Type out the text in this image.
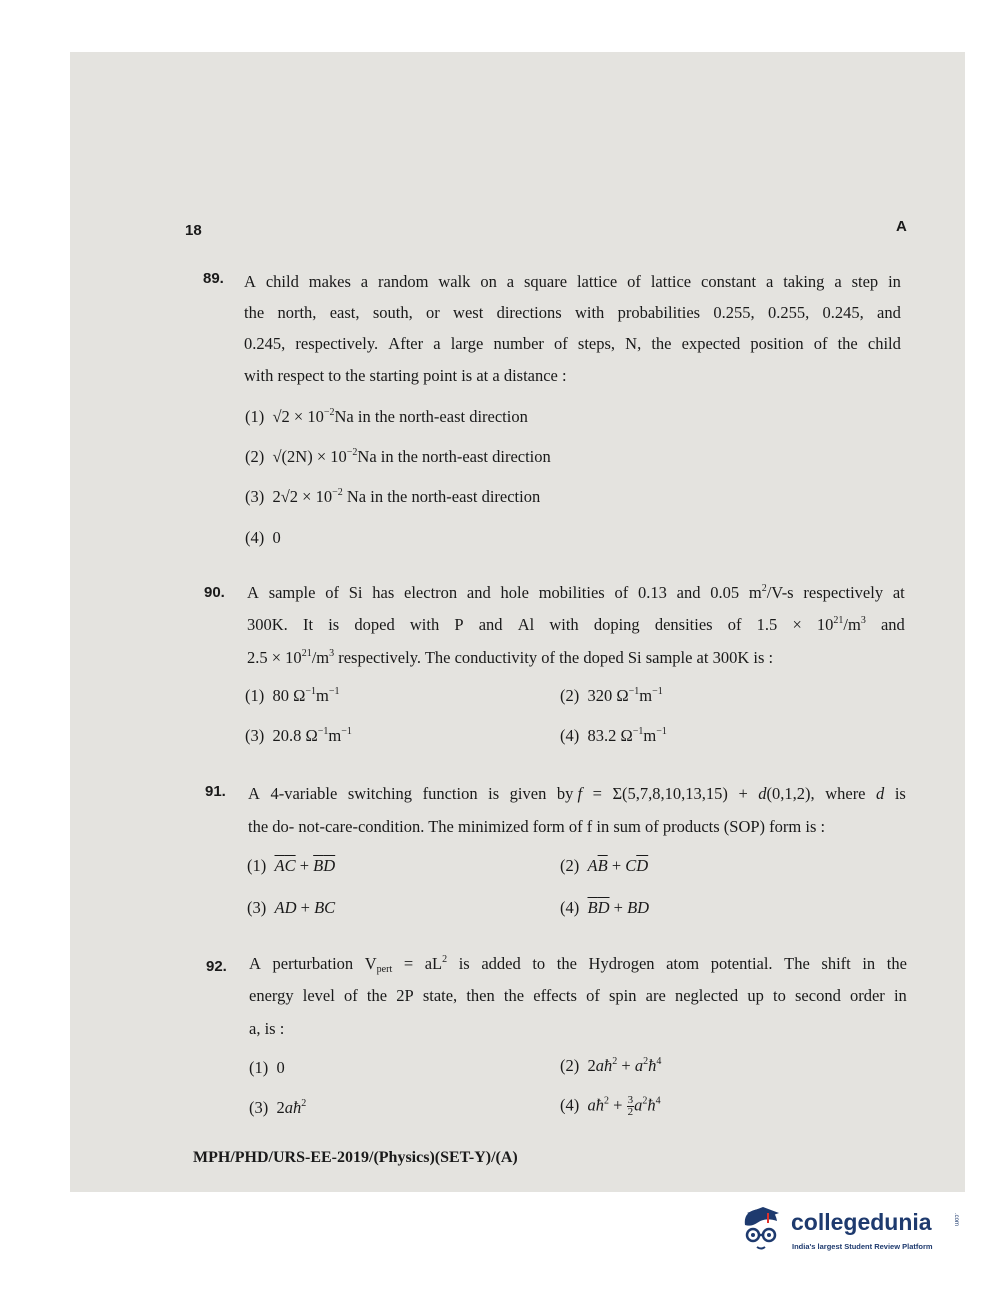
18	A
89. A child makes a random walk on a square lattice of lattice constant a taking a step in
the north, east, south, or west directions with probabilities 0.255, 0.255, 0.245, and
0.245, respectively. After a large number of steps, N, the expected position of the child
with respect to the starting point is at a distance :
(1)  $√2 \times 10^{-2}Na$ in the north-east direction
(2)  $√(2N) \times 10^{-2}Na$ in the north-east direction
(3)  $2√2 \times 10^{-2}$ Na in the north-east direction
(4)  0
90. A sample of Si has electron and hole mobilities of 0.13 and 0.05 $m^2/V-s$ respectively at
300K. It is doped with P and Al with doping densities of $1.5 \times 10^{21}/m^3$ and
$2.5 \times 10^{21}/m^3$ respectively. The conductivity of the doped Si sample at 300K is :
(1)  80 $\Omega^{-1}m^{-1}$	(2)  320 $\Omega^{-1}m^{-1}$
(3)  20.8 $\Omega^{-1}m^{-1}$	(4)  83.2 $\Omega^{-1}m^{-1}$
91. A 4-variable switching function is given by f = Σ(5,7,8,10,13,15) + d(0,1,2), where d is
the do- not-care-condition. The minimized form of f in sum of products (SOP) form is :
(1)  $\overline{A}\overline{C} + \overline{B}\overline{D}$	(2)  $A\overline{B} + C\overline{D}$
(3)  AD + BC	(4)  $\overline{B}\overline{D}$ + BD
92. A perturbation $V_{pert} = aL^2$ is added to the Hydrogen atom potential. The shift in the
energy level of the 2P state, then the effects of spin are neglected up to second order in
a, is :
(1)  0	(2)  $2aħ^2$ + $a^2ħ^4$
(3)  $2aħ^2$	(4)  $aħ^2 + \frac{3}{2}$ $a^2ħ^4$
MPH/PHD/URS-EE-2019/(Physics)(SET-Y)/(A)
collegedunia	.com
India's largest Student Review Platform
